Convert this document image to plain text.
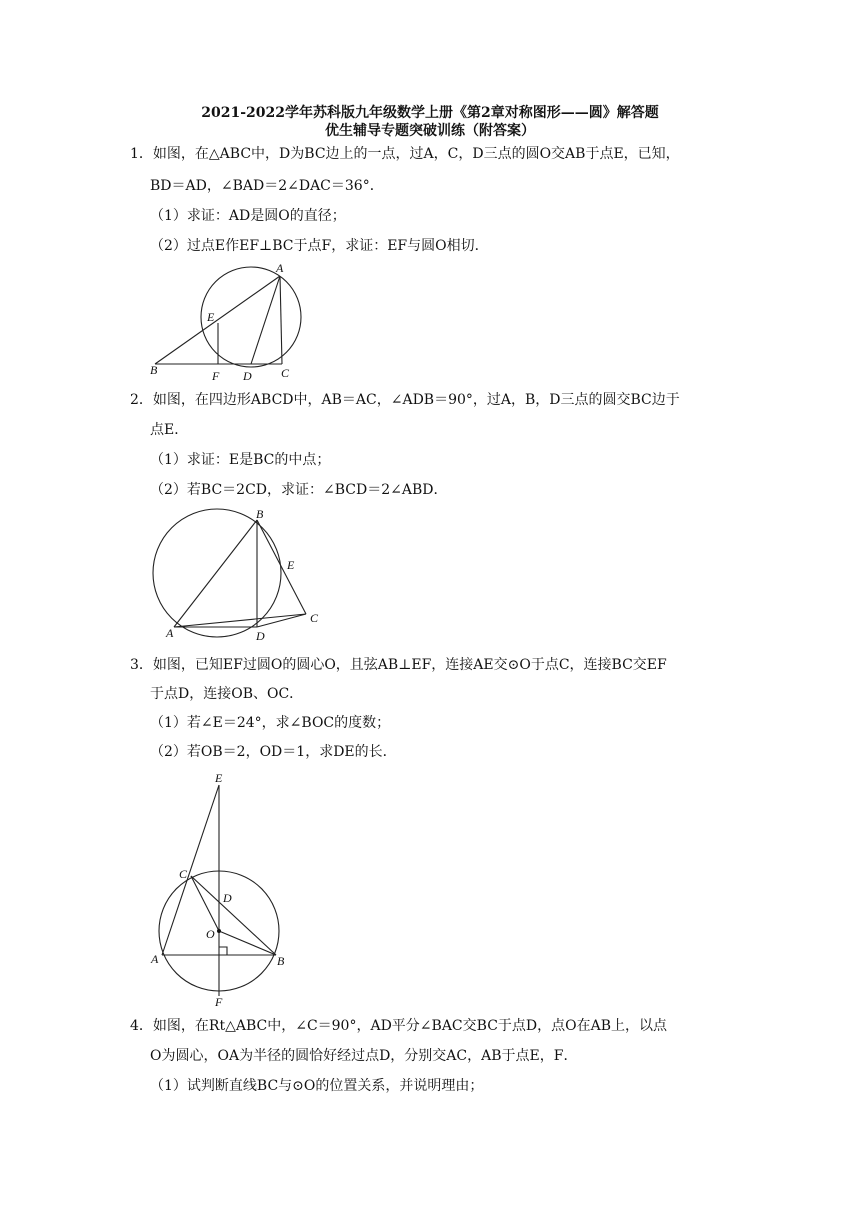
2021-2022学年苏科版九年级数学上册《第2章对称图形——圆》解答题
优生辅导专题突破训练（附答案）
1．如图，在△ABC中，D为BC边上的一点，过A，C，D三点的圆O交AB于点E，已知，
BD＝AD，∠BAD＝2∠DAC＝36°．
（1）求证：AD是圆O的直径；
（2）过点E作EF⊥BC于点F，求证：EF与圆O相切．
A
E
B	F D C
B
E
A	D
C
E
C
D
O
A	B
F
2．如图，在四边形ABCD中，AB＝AC，∠ADB＝90°，过A，B，D三点的圆交BC边于
点E．
（1）求证：E是BC的中点；
（2）若BC＝2CD，求证：∠BCD＝2∠ABD．
3．如图，已知EF过圆O的圆心O，且弦AB⊥EF，连接AE交⊙O于点C，连接BC交EF
于点D，连接OB、OC．
（1）若∠E＝24°，求∠BOC的度数；
（2）若OB＝2，OD＝1，求DE的长．
4．如图，在Rt△ABC中，∠C＝90°，AD平分∠BAC交BC于点D，点O在AB上，以点
O为圆心，OA为半径的圆恰好经过点D，分别交AC，AB于点E，F．
（1）试判断直线BC与⊙O的位置关系，并说明理由；
